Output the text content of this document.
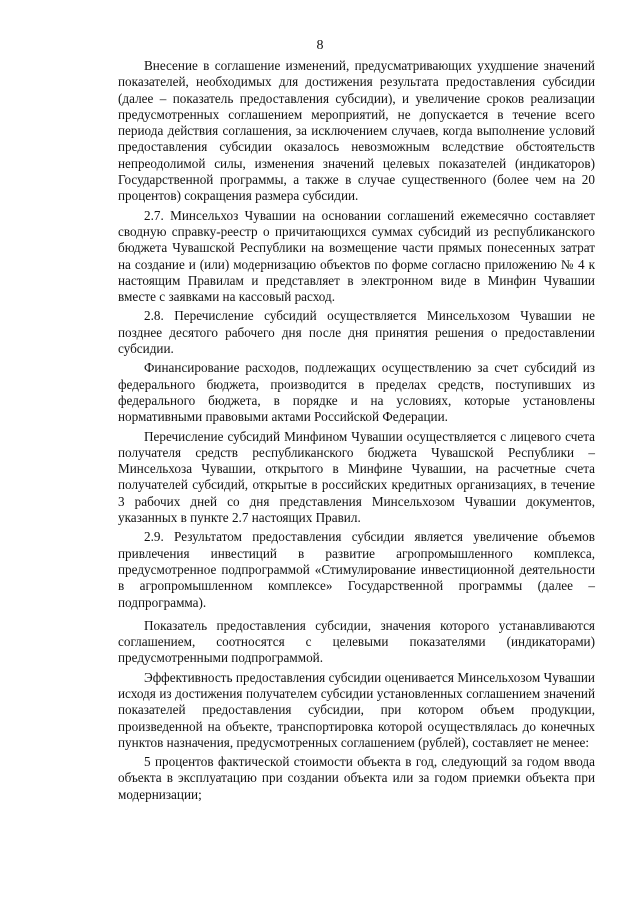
8

Внесение в соглашение изменений, предусматривающих ухудшение значений показателей, необходимых для достижения результата предоставления субсидии (далее – показатель предоставления субсидии), и увеличение сроков реализации предусмотренных соглашением мероприятий, не допускается в течение всего периода действия соглашения, за исключением случаев, когда выполнение условий предоставления субсидии оказалось невозможным вследствие обстоятельств непреодолимой силы, изменения значений целевых показателей (индикаторов) Государственной программы, а также в случае существенного (более чем на 20 процентов) сокращения размера субсидии.

2.7. Минсельхоз Чувашии на основании соглашений ежемесячно составляет сводную справку-реестр о причитающихся суммах субсидий из республиканского бюджета Чувашской Республики на возмещение части прямых понесенных затрат на создание и (или) модернизацию объектов по форме согласно приложению № 4 к настоящим Правилам и представляет в электронном виде в Минфин Чувашии вместе с заявками на кассовый расход.

2.8. Перечисление субсидий осуществляется Минсельхозом Чувашии не позднее десятого рабочего дня после дня принятия решения о предоставлении субсидии.

Финансирование расходов, подлежащих осуществлению за счет субсидий из федерального бюджета, производится в пределах средств, поступивших из федерального бюджета, в порядке и на условиях, которые установлены нормативными правовыми актами Российской Федерации.

Перечисление субсидий Минфином Чувашии осуществляется с лицевого счета получателя средств республиканского бюджета Чувашской Республики – Минсельхоза Чувашии, открытого в Минфине Чувашии, на расчетные счета получателей субсидий, открытые в российских кредитных организациях, в течение 3 рабочих дней со дня представления Минсельхозом Чувашии документов, указанных в пункте 2.7 настоящих Правил.

2.9. Результатом предоставления субсидии является увеличение объемов привлечения инвестиций в развитие агропромышленного комплекса, предусмотренное подпрограммой «Стимулирование инвестиционной деятельности в агропромышленном комплексе» Государственной программы (далее – подпрограмма).

Показатель предоставления субсидии, значения которого устанавливаются соглашением, соотносятся с целевыми показателями (индикаторами) предусмотренными подпрограммой.

Эффективность предоставления субсидии оценивается Минсельхозом Чувашии исходя из достижения получателем субсидии установленных соглашением значений показателей предоставления субсидии, при котором объем продукции, произведенной на объекте, транспортировка которой осуществлялась до конечных пунктов назначения, предусмотренных соглашением (рублей), составляет не менее:

5 процентов фактической стоимости объекта в год, следующий за годом ввода объекта в эксплуатацию при создании объекта или за годом приемки объекта при модернизации;
